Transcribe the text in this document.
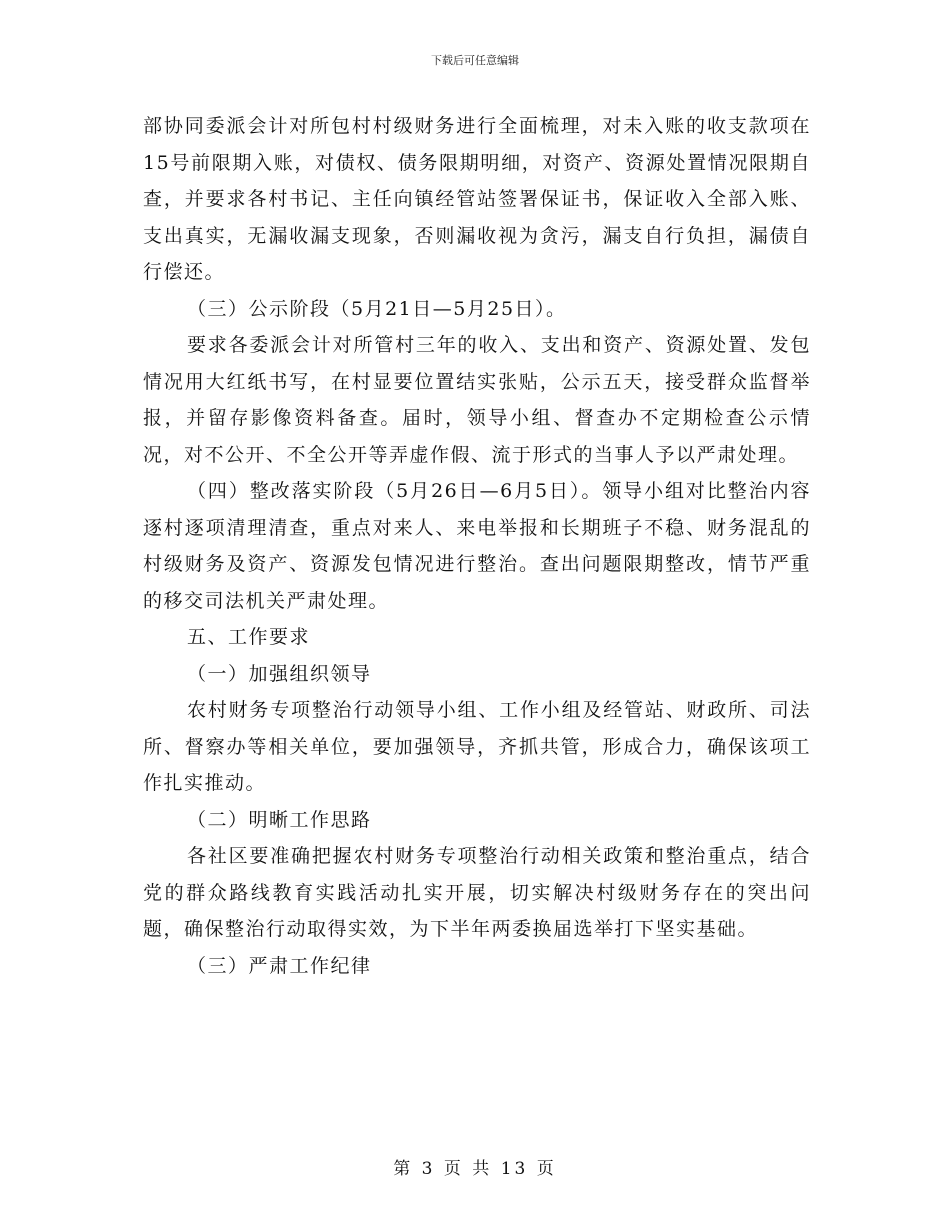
下载后可任意编辑

部协同委派会计对所包村村级财务进行全面梳理，对未入账的收支款项在15号前限期入账，对债权、债务限期明细，对资产、资源处置情况限期自查，并要求各村书记、主任向镇经管站签署保证书，保证收入全部入账、支出真实，无漏收漏支现象，否则漏收视为贪污，漏支自行负担，漏债自行偿还。

（三）公示阶段（5月21日—5月25日）。

要求各委派会计对所管村三年的收入、支出和资产、资源处置、发包情况用大红纸书写，在村显要位置结实张贴，公示五天，接受群众监督举报，并留存影像资料备查。届时，领导小组、督查办不定期检查公示情况，对不公开、不全公开等弄虚作假、流于形式的当事人予以严肃处理。

（四）整改落实阶段（5月26日—6月5日）。领导小组对比整治内容逐村逐项清理清查，重点对来人、来电举报和长期班子不稳、财务混乱的村级财务及资产、资源发包情况进行整治。查出问题限期整改，情节严重的移交司法机关严肃处理。

五、工作要求

（一）加强组织领导

农村财务专项整治行动领导小组、工作小组及经管站、财政所、司法所、督察办等相关单位，要加强领导，齐抓共管，形成合力，确保该项工作扎实推动。

（二）明晰工作思路

各社区要准确把握农村财务专项整治行动相关政策和整治重点，结合党的群众路线教育实践活动扎实开展，切实解决村级财务存在的突出问题，确保整治行动取得实效，为下半年两委换届选举打下坚实基础。

（三）严肃工作纪律

第 3 页 共 13 页
